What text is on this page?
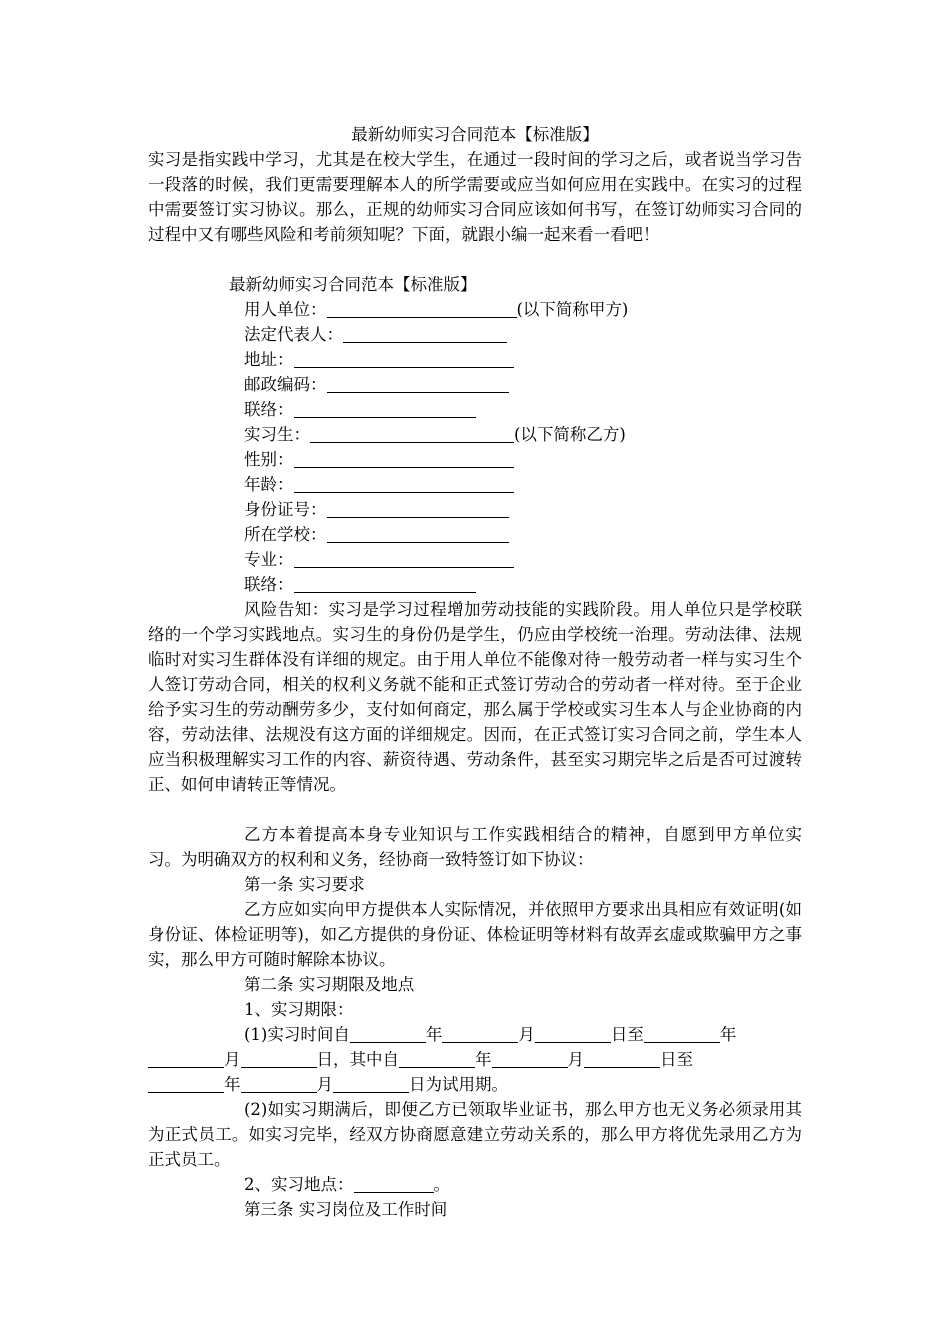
最新幼师实习合同范本【标准版】
实习是指实践中学习，尤其是在校大学生，在通过一段时间的学习之后，或者说当学习告一段落的时候，我们更需要理解本人的所学需要或应当如何应用在实践中。在实习的过程中需要签订实习协议。那么，正规的幼师实习合同应该如何书写，在签订幼师实习合同的过程中又有哪些风险和考前须知呢？下面，就跟小编一起来看一看吧！
最新幼师实习合同范本【标准版】
用人单位：	(以下简称甲方)
法定代表人：
地址：
邮政编码：
联络：
实习生：	(以下简称乙方)
性别：
年龄：
身份证号：
所在学校：
专业：
联络：
风险告知：实习是学习过程增加劳动技能的实践阶段。用人单位只是学校联络的一个学习实践地点。实习生的身份仍是学生，仍应由学校统一治理。劳动法律、法规临时对实习生群体没有详细的规定。由于用人单位不能像对待一般劳动者一样与实习生个人签订劳动合同，相关的权利义务就不能和正式签订劳动合的劳动者一样对待。至于企业给予实习生的劳动酬劳多少，支付如何商定，那么属于学校或实习生本人与企业协商的内容，劳动法律、法规没有这方面的详细规定。因而，在正式签订实习合同之前，学生本人应当积极理解实习工作的内容、薪资待遇、劳动条件，甚至实习期完毕之后是否可过渡转正、如何申请转正等情况。
乙方本着提高本身专业知识与工作实践相结合的精神，自愿到甲方单位实习。为明确双方的权利和义务，经协商一致特签订如下协议：
第一条 实习要求
乙方应如实向甲方提供本人实际情况，并依照甲方要求出具相应有效证明(如身份证、体检证明等)，如乙方提供的身份证、体检证明等材料有故弄玄虚或欺骗甲方之事实，那么甲方可随时解除本协议。
第二条 实习期限及地点
1、实习期限：
(1)实习时间自	年	月	日至	年
月	日，其中自	年	月	日至
年	月	日为试用期。
(2)如实习期满后，即便乙方已领取毕业证书，那么甲方也无义务必须录用其为正式员工。如实习完毕，经双方协商愿意建立劳动关系的，那么甲方将优先录用乙方为正式员工。
2、实习地点：	。
第三条 实习岗位及工作时间
